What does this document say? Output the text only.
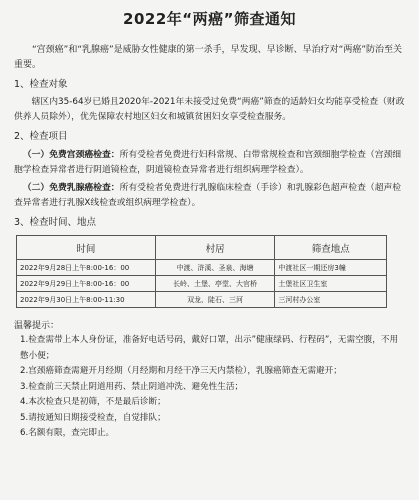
2022年“两癌”筛查通知

“宫颈癌”和“乳腺癌”是威胁女性健康的第一杀手，早发现、早诊断、早治疗对“两癌”防治至关重要。

1、检查对象

辖区内35-64岁已婚且2020年-2021年未接受过免费“两癌”筛查的适龄妇女均能享受检查（财政供养人员除外），优先保障农村地区妇女和城镇贫困妇女享受检查服务。

2、检查项目

（一）免费宫颈癌检查：所有受检者免费进行妇科常规、白带常规检查和宫颈细胞学检查（宫颈细胞学检查异常者进行阴道镜检查，阴道镜检查异常者进行组织病理学检查）。

（二）免费乳腺癌检查：所有受检者免费进行乳腺临床检查（手诊）和乳腺彩色超声检查（超声检查异常者进行乳腺X线检查或组织病理学检查）。

3、检查时间、地点
时间	村居	筛查地点
2022年9月28日上午8:00-16：00	中渡、浒溪、圣泉、海塘	中渡社区一期还房3幢
2022年9月29日上午8:00-16：00	长岭、土堡、亭堂、大官桥	土堡社区卫生室
2022年9月30日上午8:00-11:30	双龙、陡石、三河	三河村办公室
温馨提示：

1.检查需带上本人身份证，准备好电话号码，戴好口罩，出示”健康绿码、行程码”，无需空腹，不用憋小便；

2.宫颈癌筛查需避开月经期（月经期和月经干净三天内禁检），乳腺癌筛查无需避开；

3.检查前三天禁止阴道用药、禁止阴道冲洗、避免性生活；

4.本次检查只是初筛，不是最后诊断；

5.请按通知日期接受检查，自觉排队；

6.名额有限，查完即止。
